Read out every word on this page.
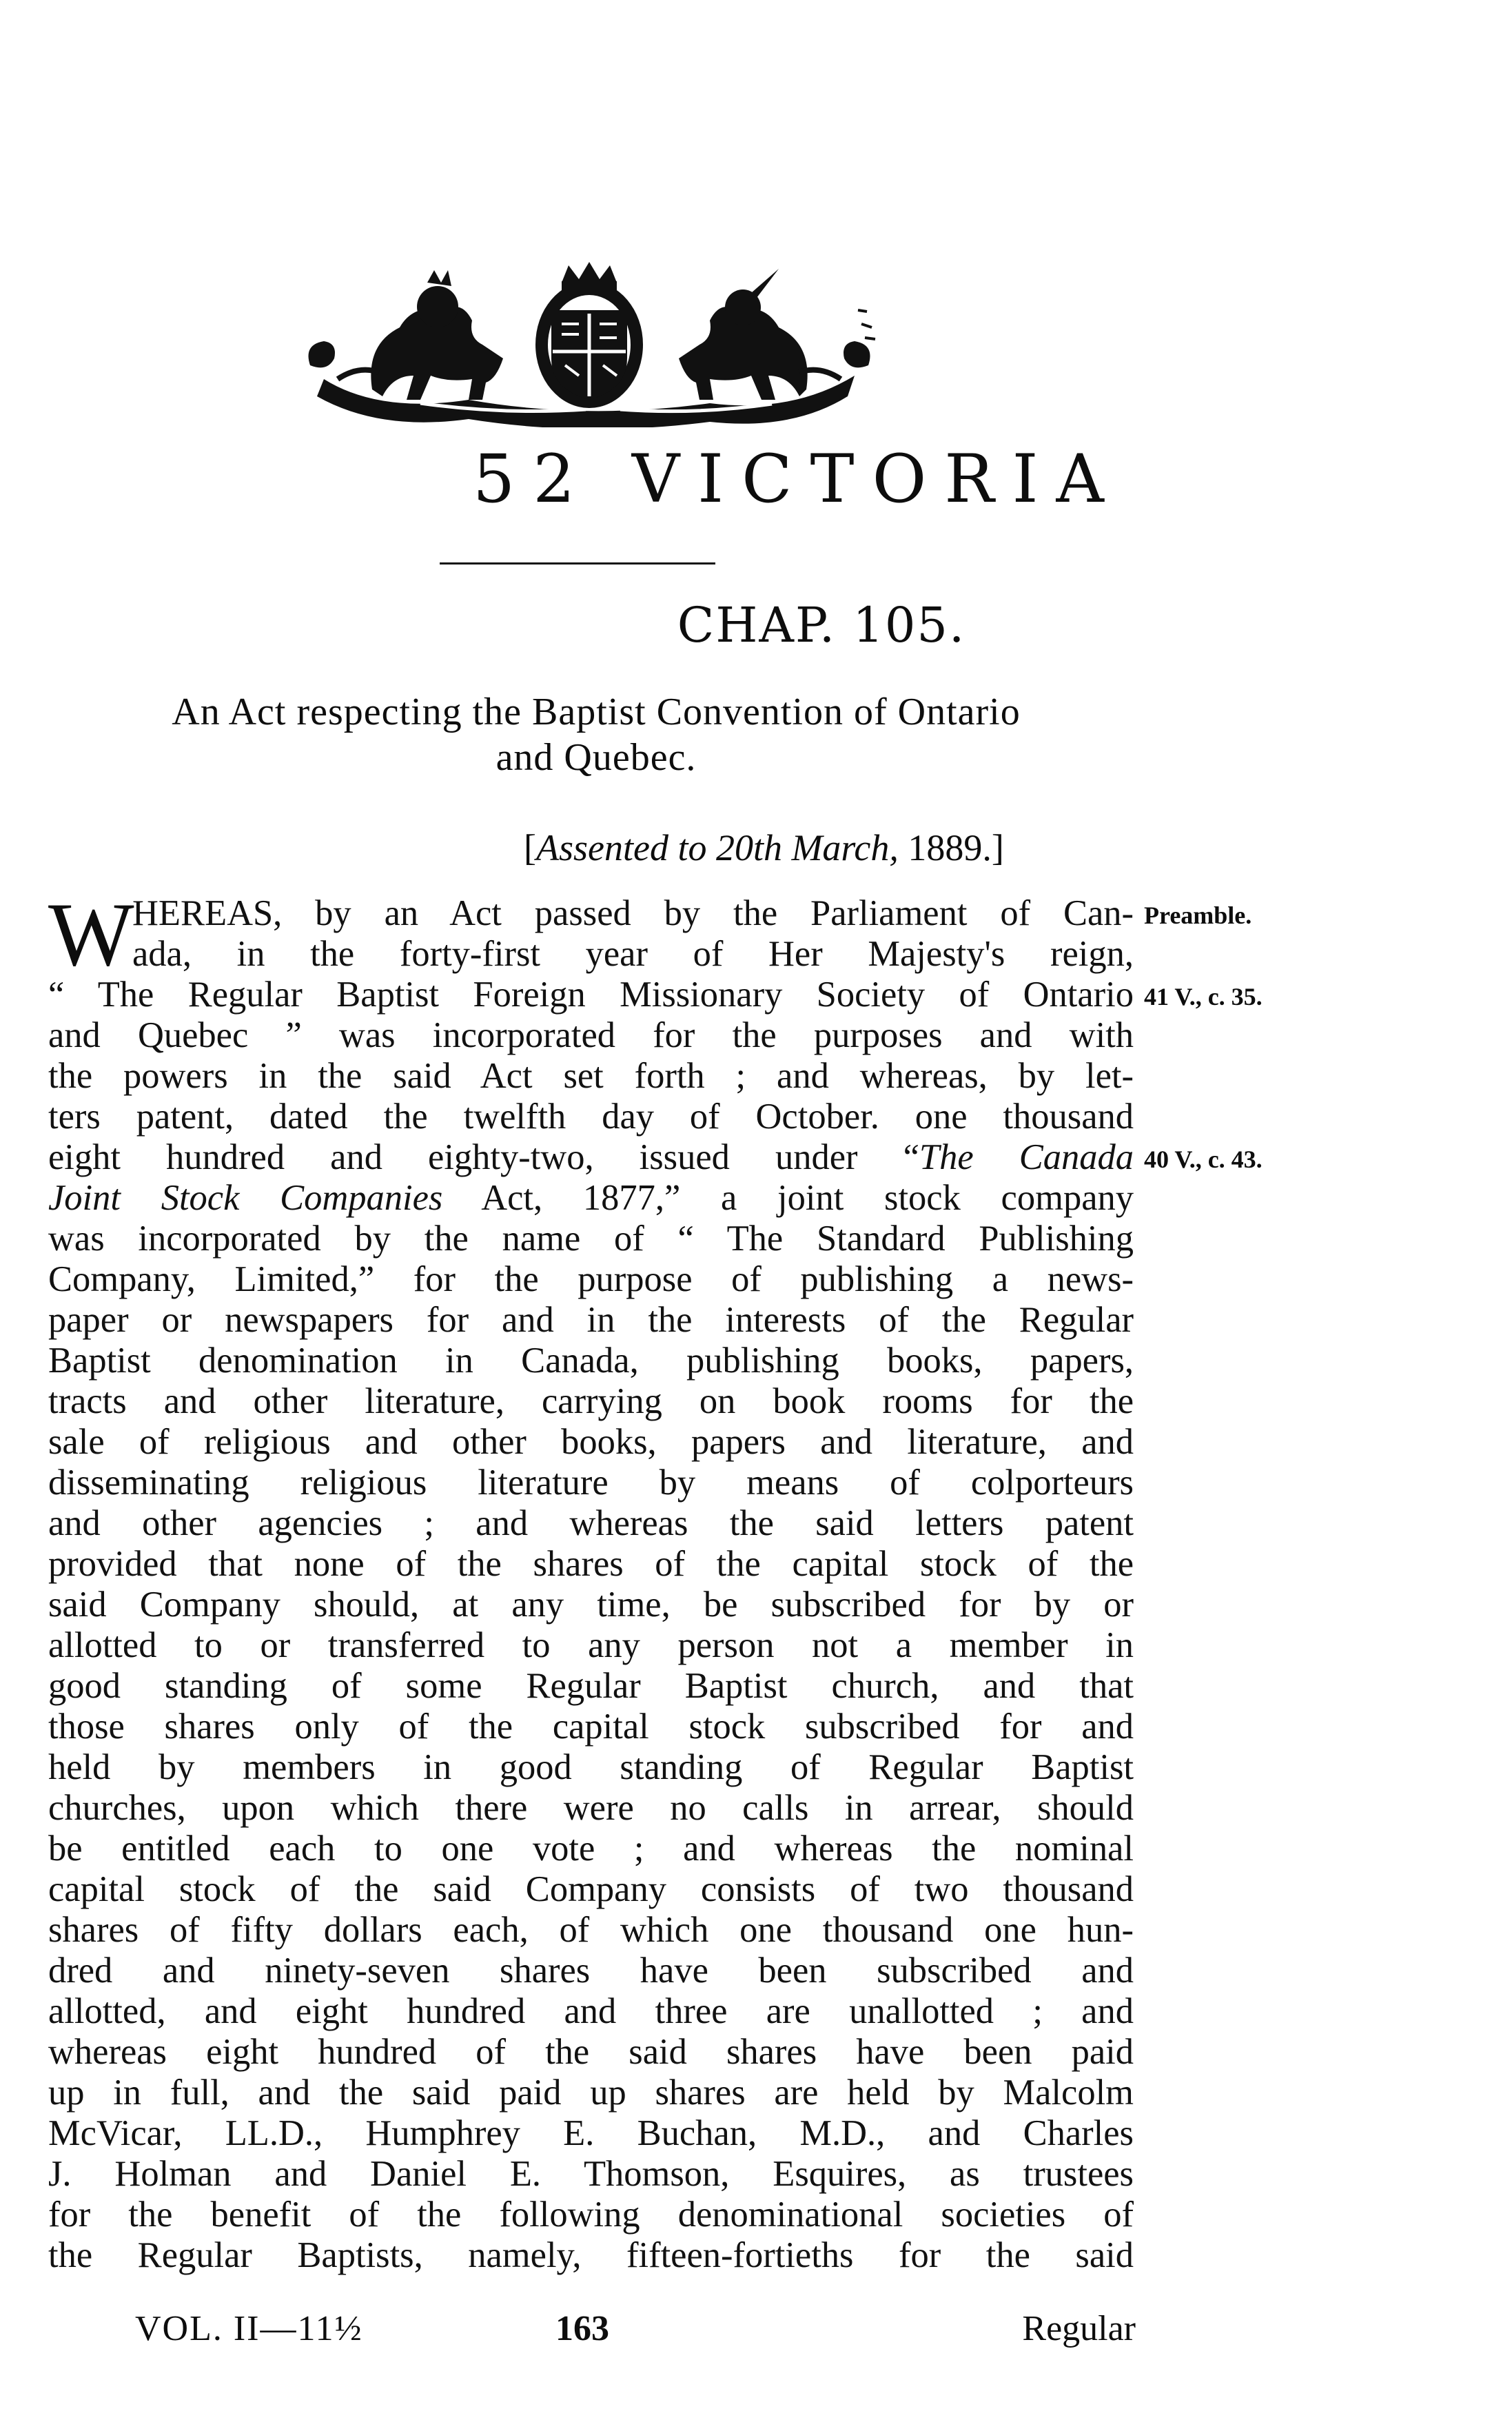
52 VICTORIA
CHAP. 105.
An Act respecting the Baptist Convention of Ontario
and Quebec.
[Assented to 20th March, 1889.]
W
HEREAS, by an Act passed by the Parliament of Can-
ada, in the forty-first year of Her Majesty's reign,
“ The Regular Baptist Foreign Missionary Society of Ontario
and Quebec ” was incorporated for the purposes and with
the powers in the said Act set forth ; and whereas, by let-
ters patent, dated the twelfth day of October. one thousand
eight hundred and eighty-two, issued under “The Canada
Joint Stock Companies Act, 1877,” a joint stock company
was incorporated by the name of “ The Standard Publishing
Company, Limited,” for the purpose of publishing a news-
paper or newspapers for and in the interests of the Regular
Baptist denomination in Canada, publishing books, papers,
tracts and other literature, carrying on book rooms for the
sale of religious and other books, papers and literature, and
disseminating religious literature by means of colporteurs
and other agencies ; and whereas the said letters patent
provided that none of the shares of the capital stock of the
said Company should, at any time, be subscribed for by or
allotted to or transferred to any person not a member in
good standing of some Regular Baptist church, and that
those shares only of the capital stock subscribed for and
held by members in good standing of Regular Baptist
churches, upon which there were no calls in arrear, should
be entitled each to one vote ; and whereas the nominal
capital stock of the said Company consists of two thousand
shares of fifty dollars each, of which one thousand one hun-
dred and ninety-seven shares have been subscribed and
allotted, and eight hundred and three are unallotted ; and
whereas eight hundred of the said shares have been paid
up in full, and the said paid up shares are held by Malcolm
McVicar, LL.D., Humphrey E. Buchan, M.D., and Charles
J. Holman and Daniel E. Thomson, Esquires, as trustees
for the benefit of the following denominational societies of
the Regular Baptists, namely, fifteen-fortieths for the said
Preamble.
41 V., c. 35.
40 V., c. 43.
VOL. II—11½	163	Regular
